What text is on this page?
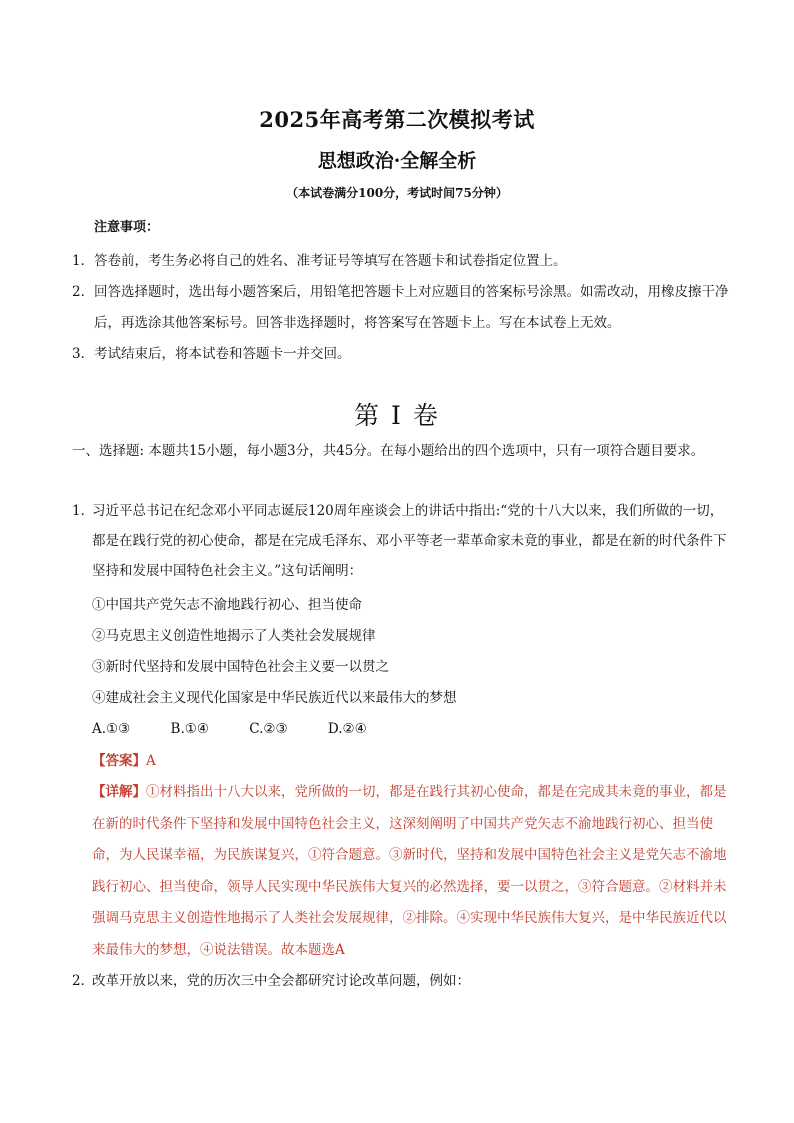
2025年高考第二次模拟考试
思想政治·全解全析
（本试卷满分100分，考试时间75分钟）
注意事项：
1． 答卷前，考生务必将自己的姓名、准考证号等填写在答题卡和试卷指定位置上。
2． 回答选择题时，选出每小题答案后，用铅笔把答题卡上对应题目的答案标号涂黑。如需改动，用橡皮擦干净后，再选涂其他答案标号。回答非选择题时，将答案写在答题卡上。写在本试卷上无效。
3． 考试结束后，将本试卷和答题卡一并交回。
第 I 卷
一、选择题: 本题共15小题，每小题3分，共45分。在每小题给出的四个选项中，只有一项符合题目要求。
1．
习近平总书记在纪念邓小平同志诞辰120周年座谈会上的讲话中指出:“党的十八大以来，我们所做的一切，都是在践行党的初心使命，都是在完成毛泽东、邓小平等老一辈革命家未竟的事业，都是在新的时代条件下坚持和发展中国特色社会主义。”这句话阐明：
①中国共产党矢志不渝地践行初心、担当使命
②马克思主义创造性地揭示了人类社会发展规律
③新时代坚持和发展中国特色社会主义要一以贯之
④建成社会主义现代化国家是中华民族近代以来最伟大的梦想
A.①③	B.①④	C.②③	D.②④
【答案】A
【详解】①材料指出十八大以来，党所做的一切，都是在践行其初心使命，都是在完成其未竟的事业，都是在新的时代条件下坚持和发展中国特色社会主义，这深刻阐明了中国共产党矢志不渝地践行初心、担当使命，为人民谋幸福，为民族谋复兴，①符合题意。③新时代，坚持和发展中国特色社会主义是党矢志不渝地践行初心、担当使命，领导人民实现中华民族伟大复兴的必然选择，要一以贯之，③符合题意。②材料并未强调马克思主义创造性地揭示了人类社会发展规律，②排除。④实现中华民族伟大复兴，是中华民族近代以来最伟大的梦想，④说法错误。故本题选A
2．
改革开放以来，党的历次三中全会都研究讨论改革问题，例如：
